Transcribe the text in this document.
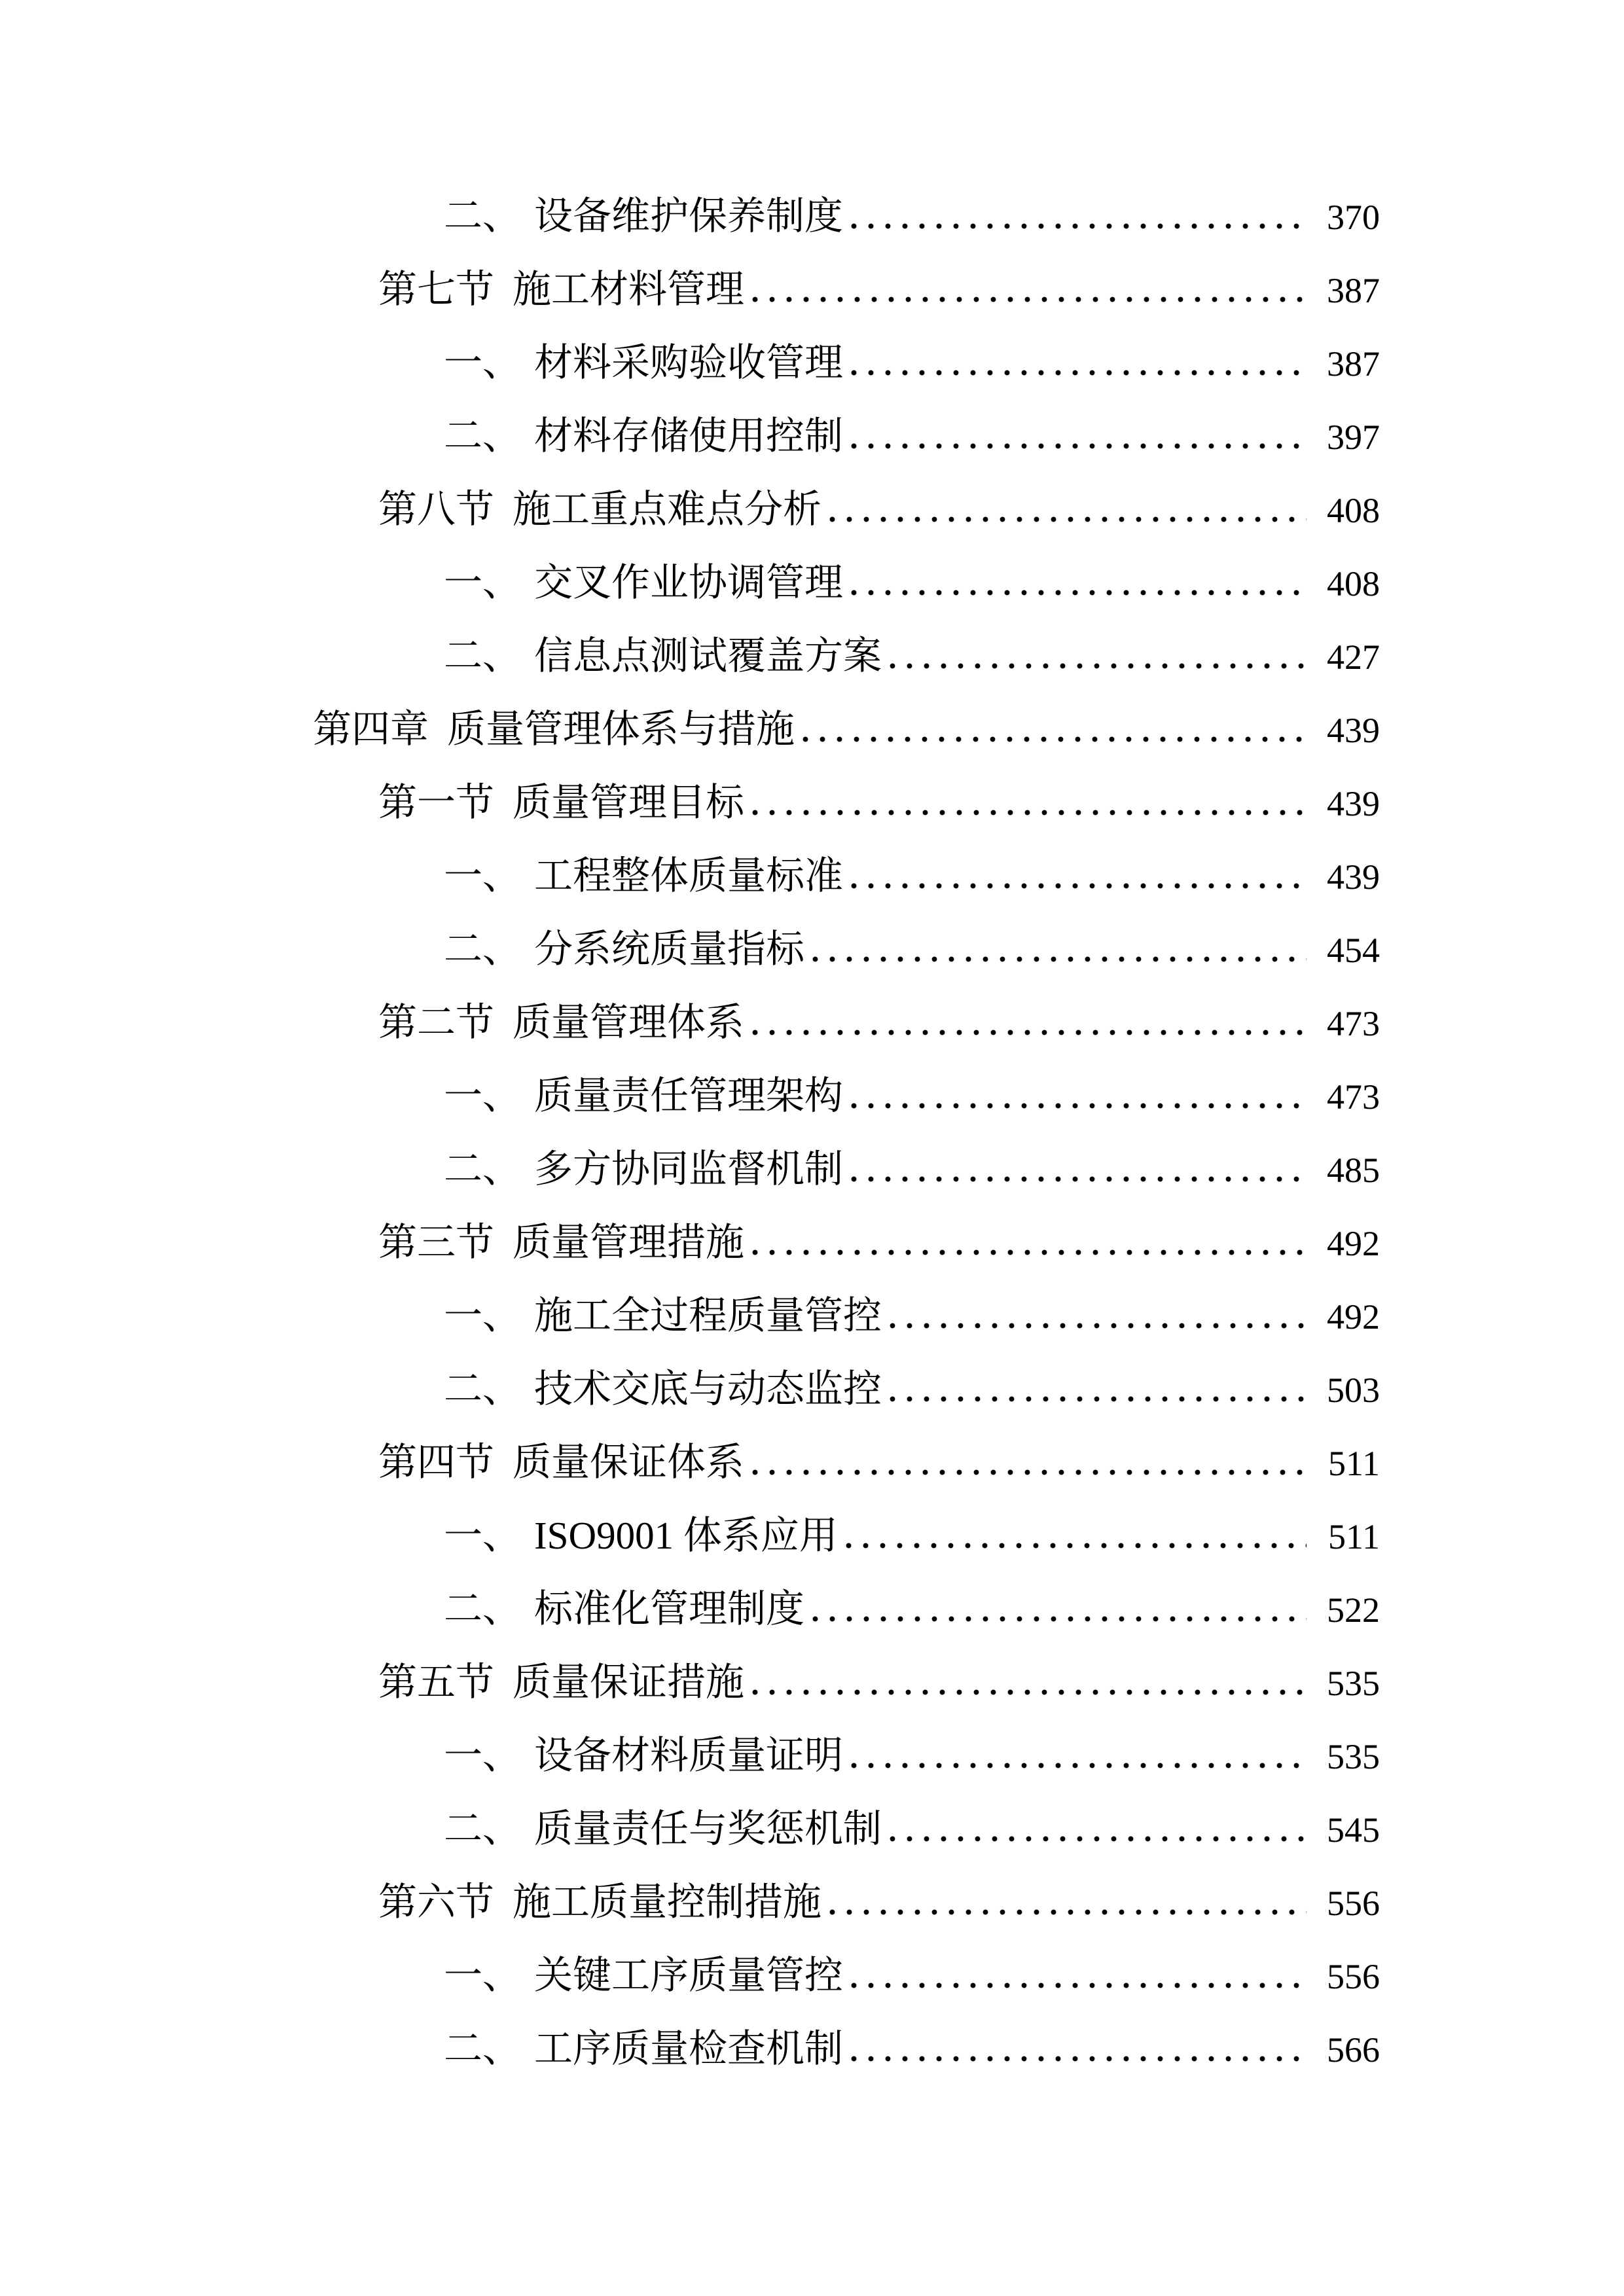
二、 设备维护保养制度	370
第七节 施工材料管理	387
一、 材料采购验收管理	387
二、 材料存储使用控制	397
第八节 施工重点难点分析	408
一、 交叉作业协调管理	408
二、 信息点测试覆盖方案	427
第四章 质量管理体系与措施	439
第一节 质量管理目标	439
一、 工程整体质量标准	439
二、 分系统质量指标	454
第二节 质量管理体系	473
一、 质量责任管理架构	473
二、 多方协同监督机制	485
第三节 质量管理措施	492
一、 施工全过程质量管控	492
二、 技术交底与动态监控	503
第四节 质量保证体系	511
一、 ISO9001 体系应用	511
二、 标准化管理制度	522
第五节 质量保证措施	535
一、 设备材料质量证明	535
二、 质量责任与奖惩机制	545
第六节 施工质量控制措施	556
一、 关键工序质量管控	556
二、 工序质量检查机制	566
